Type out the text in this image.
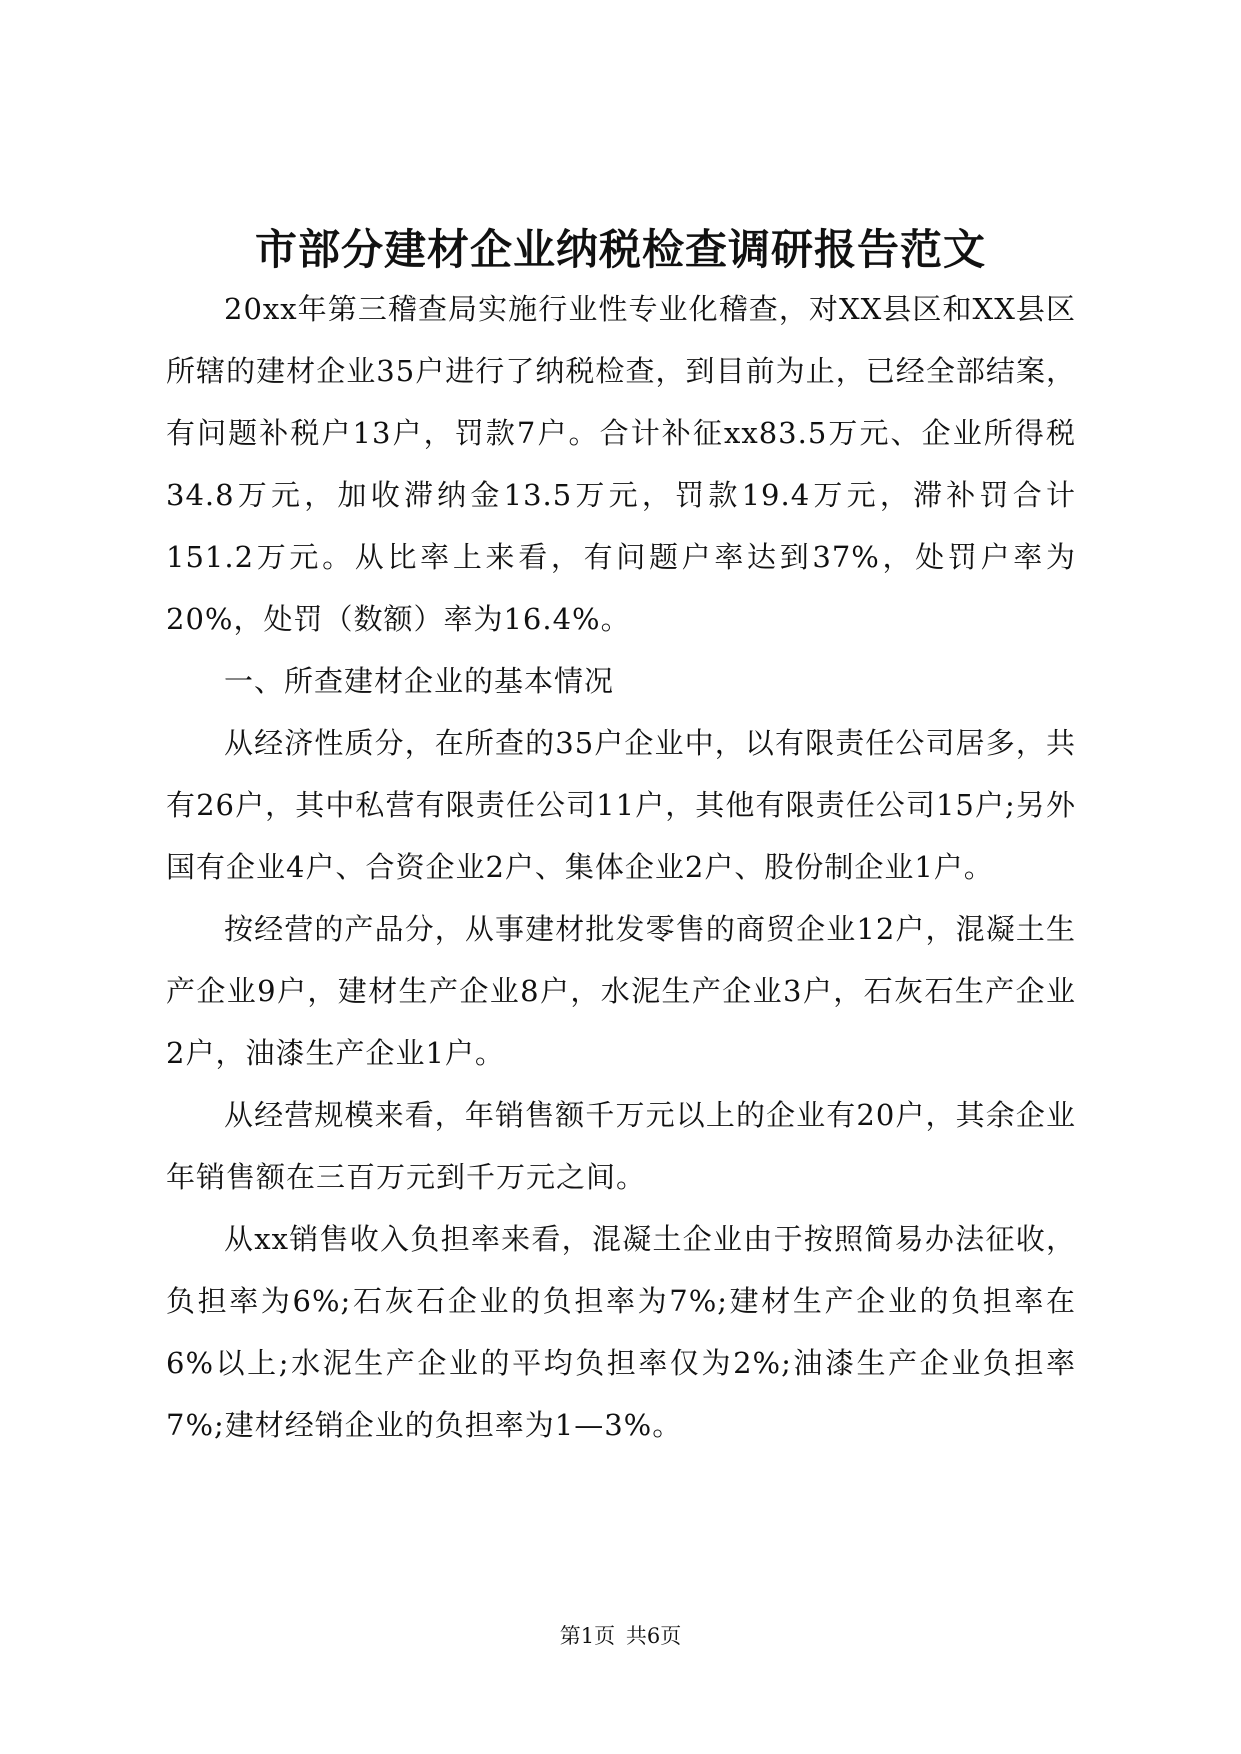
市部分建材企业纳税检查调研报告范文

20xx年第三稽查局实施行业性专业化稽查，对XX县区和XX县区所辖的建材企业35户进行了纳税检查，到目前为止，已经全部结案，有问题补税户13户，罚款7户。合计补征xx83.5万元、企业所得税34.8万元，加收滞纳金13.5万元，罚款19.4万元，滞补罚合计151.2万元。从比率上来看，有问题户率达到37%，处罚户率为20%，处罚（数额）率为16.4%。

一、所查建材企业的基本情况

从经济性质分，在所查的35户企业中，以有限责任公司居多，共有26户，其中私营有限责任公司11户，其他有限责任公司15户;另外国有企业4户、合资企业2户、集体企业2户、股份制企业1户。

按经营的产品分，从事建材批发零售的商贸企业12户，混凝土生产企业9户，建材生产企业8户，水泥生产企业3户，石灰石生产企业2户，油漆生产企业1户。

从经营规模来看，年销售额千万元以上的企业有20户，其余企业年销售额在三百万元到千万元之间。

从xx销售收入负担率来看，混凝土企业由于按照简易办法征收，负担率为6%;石灰石企业的负担率为7%;建材生产企业的负担率在6%以上;水泥生产企业的平均负担率仅为2%;油漆生产企业负担率7%;建材经销企业的负担率为1—3%。

第1页 共6页
